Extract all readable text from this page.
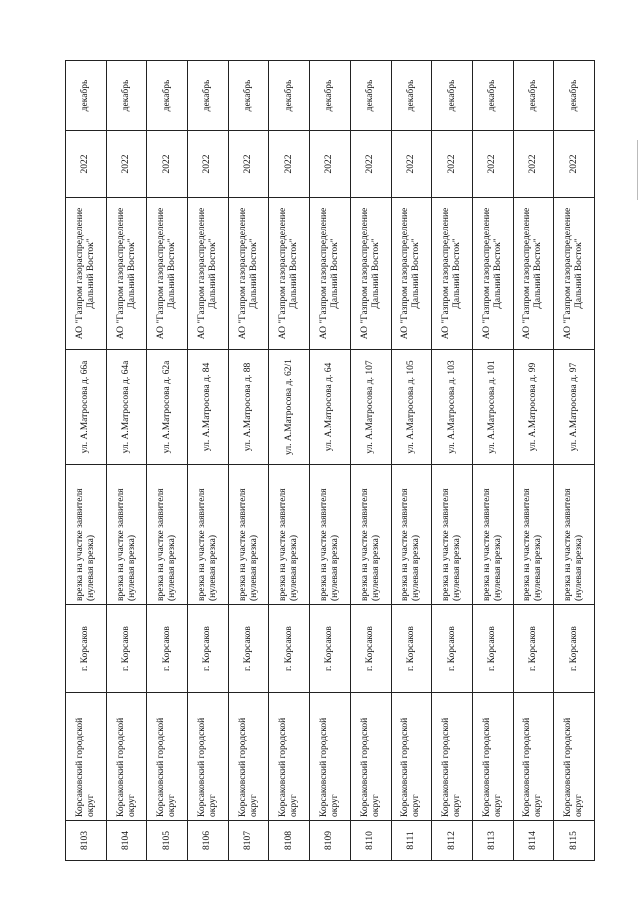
8103	Корсаковский городской округ	г. Корсаков	врезка на участке заявителя (нулевая врезка)	ул. А.Матросова д. 66а	АО "Газпром газораспределение Дальний Восток"	2022	декабрь
8104	Корсаковский городской округ	г. Корсаков	врезка на участке заявителя (нулевая врезка)	ул. А.Матросова д. 64а	АО "Газпром газораспределение Дальний Восток"	2022	декабрь
8105	Корсаковский городской округ	г. Корсаков	врезка на участке заявителя (нулевая врезка)	ул. А.Матросова д. 62а	АО "Газпром газораспределение Дальний Восток"	2022	декабрь
8106	Корсаковский городской округ	г. Корсаков	врезка на участке заявителя (нулевая врезка)	ул. А.Матросова д. 84	АО "Газпром газораспределение Дальний Восток"	2022	декабрь
8107	Корсаковский городской округ	г. Корсаков	врезка на участке заявителя (нулевая врезка)	ул. А.Матросова д. 88	АО "Газпром газораспределение Дальний Восток"	2022	декабрь
8108	Корсаковский городской округ	г. Корсаков	врезка на участке заявителя (нулевая врезка)	ул. А.Матросова д. 62/1	АО "Газпром газораспределение Дальний Восток"	2022	декабрь
8109	Корсаковский городской округ	г. Корсаков	врезка на участке заявителя (нулевая врезка)	ул. А.Матросова д. 64	АО "Газпром газораспределение Дальний Восток"	2022	декабрь
8110	Корсаковский городской округ	г. Корсаков	врезка на участке заявителя (нулевая врезка)	ул. А.Матросова д. 107	АО "Газпром газораспределение Дальний Восток"	2022	декабрь
8111	Корсаковский городской округ	г. Корсаков	врезка на участке заявителя (нулевая врезка)	ул. А.Матросова д. 105	АО "Газпром газораспределение Дальний Восток"	2022	декабрь
8112	Корсаковский городской округ	г. Корсаков	врезка на участке заявителя (нулевая врезка)	ул. А.Матросова д. 103	АО "Газпром газораспределение Дальний Восток"	2022	декабрь
8113	Корсаковский городской округ	г. Корсаков	врезка на участке заявителя (нулевая врезка)	ул. А.Матросова д. 101	АО "Газпром газораспределение Дальний Восток"	2022	декабрь
8114	Корсаковский городской округ	г. Корсаков	врезка на участке заявителя (нулевая врезка)	ул. А.Матросова д. 99	АО "Газпром газораспределение Дальний Восток"	2022	декабрь
8115	Корсаковский городской округ	г. Корсаков	врезка на участке заявителя (нулевая врезка)	ул. А.Матросова д. 97	АО "Газпром газораспределение Дальний Восток"	2022	декабрь
